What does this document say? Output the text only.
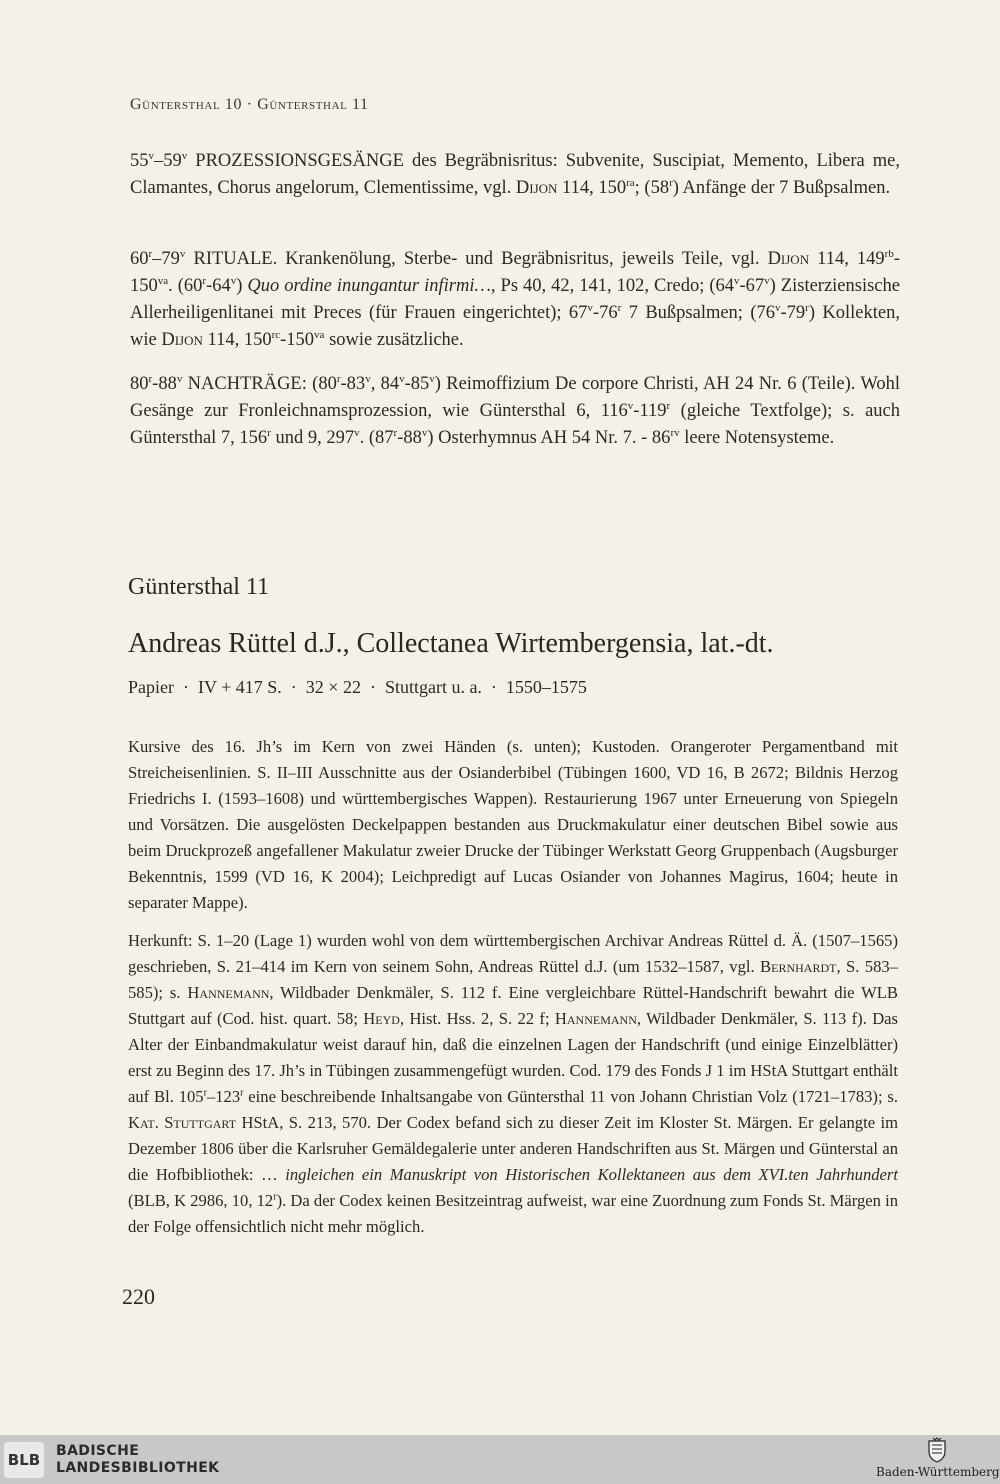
Güntersthal 10 · Güntersthal 11
55$^v$–59$^v$ PROZESSIONSGESÄNGE des Begräbnisritus: Subvenite, Suscipiat, Memento, Libera me, Clamantes, Chorus angelorum, Clementissime, vgl. Dijon 114, $150^{ra}$; (58$^r$) Anfänge der 7 Bußpsalmen.
60$^r$–79$^v$ RITUALE. Krankenölung, Sterbe- und Begräbnisritus, jeweils Teile, vgl. Dijon 114, $149^{rb}-150^{va}$. (60$^r$-64$^v$) Quo ordine inungantur infirmi…, Ps 40, 42, 141, 102, Credo; (64$^v$-67$^v$) Zisterziensische Allerheiligenlitanei mit Preces (für Frauen eingerichtet); 67$^v$-76$^r$ 7 Bußpsalmen; (76$^v$-79$^r$) Kollekten, wie Dijon 114, $150^{rc}-150^{va}$ sowie zusätzliche.
80$^r$-88$^v$ NACHTRÄGE: (80$^r$-83$^v$, 84$^v$-85$^v$) Reimoffizium De corpore Christi, AH 24 Nr. 6 (Teile). Wohl Gesänge zur Fronleichnamsprozession, wie Güntersthal 6, 116$^v$-119$^r$ (gleiche Textfolge); s. auch Güntersthal 7, 156$^r$ und 9, 297$^v$. (87$^r$-88$^v$) Osterhymnus AH 54 Nr. 7. - $86^{rv}$ leere Notensysteme.
Güntersthal 11
Andreas Rüttel d.J., Collectanea Wirtembergensia, lat.-dt.
Papier  ·  IV + 417 S.  ·  32 × 22  ·  Stuttgart u. a.  ·  1550–1575
Kursive des 16. Jh’s im Kern von zwei Händen (s. unten); Kustoden. Orangeroter Pergamentband mit Streicheisenlinien. S. II–III Ausschnitte aus der Osianderbibel (Tübingen 1600, VD 16, B 2672; Bildnis Herzog Friedrichs I. (1593–1608) und württembergisches Wappen). Restaurierung 1967 unter Erneuerung von Spiegeln und Vorsätzen. Die ausgelösten Deckelpappen bestanden aus Druckmakulatur einer deutschen Bibel sowie aus beim Druckprozeß angefallener Makulatur zweier Drucke der Tübinger Werkstatt Georg Gruppenbach (Augsburger Bekenntnis, 1599 (VD 16, K 2004); Leichpredigt auf Lucas Osiander von Johannes Magirus, 1604; heute in separater Mappe).
Herkunft: S. 1–20 (Lage 1) wurden wohl von dem württembergischen Archivar Andreas Rüttel d. Ä. (1507–1565) geschrieben, S. 21–414 im Kern von seinem Sohn, Andreas Rüttel d.J. (um 1532–1587, vgl. Bernhardt, S. 583–585); s. Hannemann, Wildbader Denkmäler, S. 112 f. Eine vergleichbare Rüttel-Handschrift bewahrt die WLB Stuttgart auf (Cod. hist. quart. 58; Heyd, Hist. Hss. 2, S. 22 f; Hannemann, Wildbader Denkmäler, S. 113 f). Das Alter der Einbandmakulatur weist darauf hin, daß die einzelnen Lagen der Handschrift (und einige Einzelblätter) erst zu Beginn des 17. Jh’s in Tübingen zusammengefügt wurden. Cod. 179 des Fonds J 1 im HStA Stuttgart enthält auf Bl. 105$^r$–123$^r$ eine beschreibende Inhaltsangabe von Güntersthal 11 von Johann Christian Volz (1721–1783); s. Kat. Stuttgart HStA, S. 213, 570. Der Codex befand sich zu dieser Zeit im Kloster St. Märgen. Er gelangte im Dezember 1806 über die Karlsruher Gemäldegalerie unter anderen Handschriften aus St. Märgen und Günterstal an die Hofbibliothek: … ingleichen ein Manuskript von Historischen Kollektaneen aus dem XVI.ten Jahrhundert (BLB, K 2986, 10, 12$^r$). Da der Codex keinen Besitzeintrag aufweist, war eine Zuordnung zum Fonds St. Märgen in der Folge offensichtlich nicht mehr möglich.
220
BLB BADISCHE
LANDESBIBLIOTHEK	Baden-Württemberg
